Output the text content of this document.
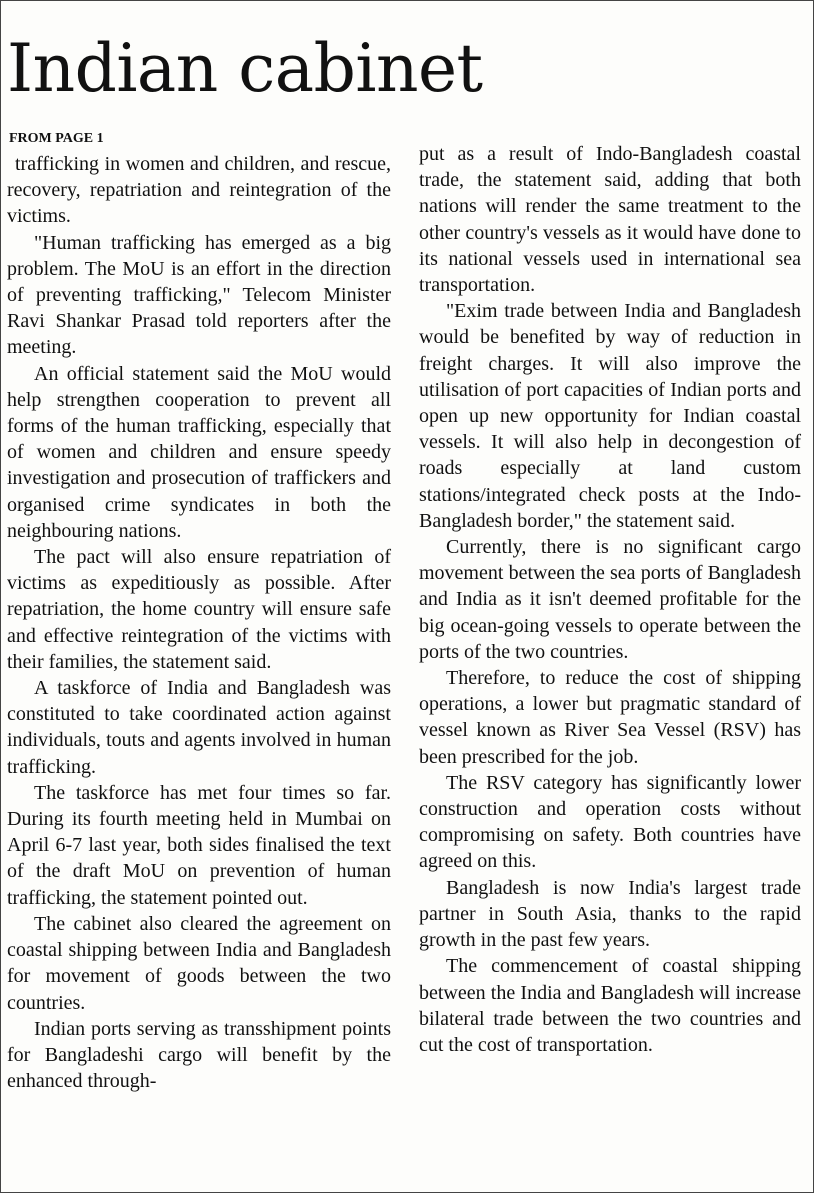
Indian cabinet
FROM PAGE 1

trafficking in women and children, and rescue, recovery, repatriation and reintegration of the victims.

"Human trafficking has emerged as a big problem. The MoU is an effort in the direction of preventing trafficking," Telecom Minister Ravi Shankar Prasad told reporters after the meeting.

An official statement said the MoU would help strengthen cooperation to prevent all forms of the human trafficking, especially that of women and children and ensure speedy investigation and prosecution of traffickers and organised crime syndicates in both the neighbouring nations.

The pact will also ensure repatriation of victims as expeditiously as possible. After repatriation, the home country will ensure safe and effective reintegration of the victims with their families, the statement said.

A taskforce of India and Bangladesh was constituted to take coordinated action against individuals, touts and agents involved in human trafficking.

The taskforce has met four times so far. During its fourth meeting held in Mumbai on April 6-7 last year, both sides finalised the text of the draft MoU on prevention of human trafficking, the statement pointed out.

The cabinet also cleared the agreement on coastal shipping between India and Bangladesh for movement of goods between the two countries.

Indian ports serving as transshipment points for Bangladeshi cargo will benefit by the enhanced through-

put as a result of Indo-Bangladesh coastal trade, the statement said, adding that both nations will render the same treatment to the other country's vessels as it would have done to its national vessels used in international sea transportation.

"Exim trade between India and Bangladesh would be benefited by way of reduction in freight charges. It will also improve the utilisation of port capacities of Indian ports and open up new opportunity for Indian coastal vessels. It will also help in decongestion of roads especially at land custom stations/integrated check posts at the Indo-Bangladesh border," the statement said.

Currently, there is no significant cargo movement between the sea ports of Bangladesh and India as it isn't deemed profitable for the big ocean-going vessels to operate between the ports of the two countries.

Therefore, to reduce the cost of shipping operations, a lower but pragmatic standard of vessel known as River Sea Vessel (RSV) has been prescribed for the job.

The RSV category has significantly lower construction and operation costs without compromising on safety. Both countries have agreed on this.

Bangladesh is now India's largest trade partner in South Asia, thanks to the rapid growth in the past few years.

The commencement of coastal shipping between the India and Bangladesh will increase bilateral trade between the two countries and cut the cost of transportation.
